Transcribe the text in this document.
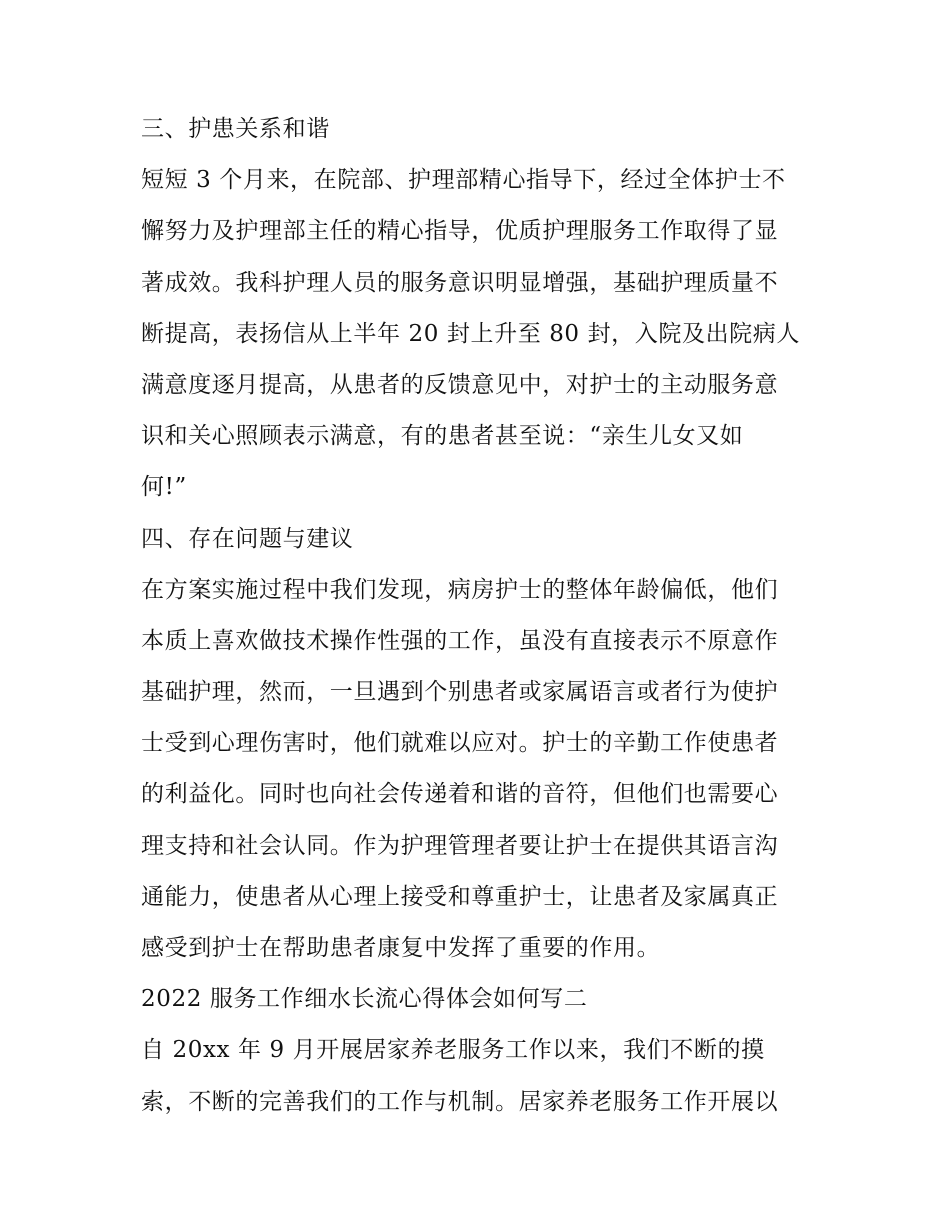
三、护患关系和谐
短短 3 个月来，在院部、护理部精心指导下，经过全体护士不
懈努力及护理部主任的精心指导，优质护理服务工作取得了显
著成效。我科护理人员的服务意识明显增强，基础护理质量不
断提高，表扬信从上半年 20 封上升至 80 封，入院及出院病人
满意度逐月提高，从患者的反馈意见中，对护士的主动服务意
识和关心照顾表示满意，有的患者甚至说：“亲生儿女又如
何!”
四、存在问题与建议
在方案实施过程中我们发现，病房护士的整体年龄偏低，他们
本质上喜欢做技术操作性强的工作，虽没有直接表示不原意作
基础护理，然而，一旦遇到个别患者或家属语言或者行为使护
士受到心理伤害时，他们就难以应对。护士的辛勤工作使患者
的利益化。同时也向社会传递着和谐的音符，但他们也需要心
理支持和社会认同。作为护理管理者要让护士在提供其语言沟
通能力，使患者从心理上接受和尊重护士，让患者及家属真正
感受到护士在帮助患者康复中发挥了重要的作用。
2022 服务工作细水长流心得体会如何写二
自 20xx 年 9 月开展居家养老服务工作以来，我们不断的摸
索，不断的完善我们的工作与机制。居家养老服务工作开展以
